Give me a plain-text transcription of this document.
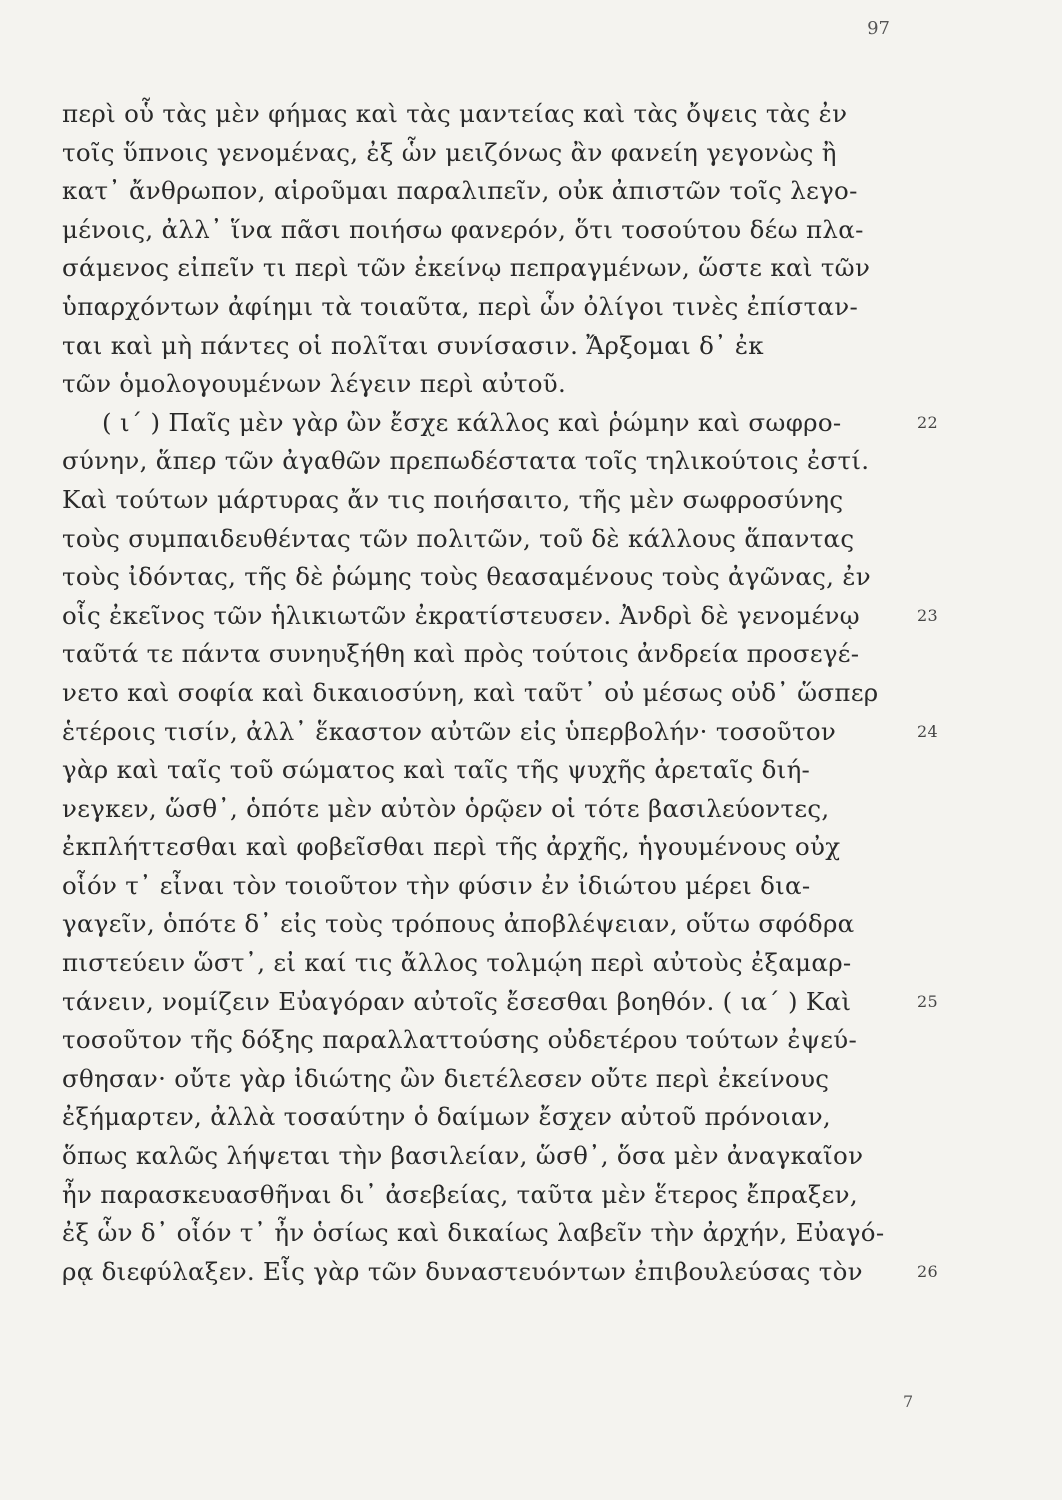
97
περὶ οὗ τὰς μὲν φήμας καὶ τὰς μαντείας καὶ τὰς ὄψεις τὰς ἐν
τοῖς ὕπνοις γενομένας, ἐξ ὧν μειζόνως ἂν φανείη γεγονὼς ἢ
κατ᾽ ἄνθρωπον, αἱροῦμαι παραλιπεῖν, οὐκ ἀπιστῶν τοῖς λεγο-
μένοις, ἀλλ᾽ ἵνα πᾶσι ποιήσω φανερόν, ὅτι τοσούτου δέω πλα-
σάμενος εἰπεῖν τι περὶ τῶν ἐκείνῳ πεπραγμένων, ὥστε καὶ τῶν
ὑπαρχόντων ἀφίημι τὰ τοιαῦτα, περὶ ὧν ὀλίγοι τινὲς ἐπίσταν-
ται καὶ μὴ πάντες οἱ πολῖται συνίσασιν. Ἄρξομαι δ᾽ ἐκ
τῶν ὁμολογουμένων λέγειν περὶ αὐτοῦ.
( ι´ ) Παῖς μὲν γὰρ ὢν ἔσχε κάλλος καὶ ῥώμην καὶ σωφρο-	22
σύνην, ἅπερ τῶν ἀγαθῶν πρεπωδέστατα τοῖς τηλικούτοις ἐστί.
Καὶ τούτων μάρτυρας ἄν τις ποιήσαιτο, τῆς μὲν σωφροσύνης
τοὺς συμπαιδευθέντας τῶν πολιτῶν, τοῦ δὲ κάλλους ἅπαντας
τοὺς ἰδόντας, τῆς δὲ ῥώμης τοὺς θεασαμένους τοὺς ἀγῶνας, ἐν
οἷς ἐκεῖνος τῶν ἡλικιωτῶν ἐκρατίστευσεν. Ἀνδρὶ δὲ γενομένῳ	23
ταῦτά τε πάντα συνηυξήθη καὶ πρὸς τούτοις ἀνδρεία προσεγέ-
νετο καὶ σοφία καὶ δικαιοσύνη, καὶ ταῦτ᾽ οὐ μέσως οὐδ᾽ ὥσπερ
ἑτέροις τισίν, ἀλλ᾽ ἕκαστον αὐτῶν εἰς ὑπερβολήν· τοσοῦτον	24
γὰρ καὶ ταῖς τοῦ σώματος καὶ ταῖς τῆς ψυχῆς ἀρεταῖς διή-
νεγκεν, ὥσθ᾽, ὁπότε μὲν αὐτὸν ὁρῷεν οἱ τότε βασιλεύοντες,
ἐκπλήττεσθαι καὶ φοβεῖσθαι περὶ τῆς ἀρχῆς, ἡγουμένους οὐχ
οἷόν τ᾽ εἶναι τὸν τοιοῦτον τὴν φύσιν ἐν ἰδιώτου μέρει δια-
γαγεῖν, ὁπότε δ᾽ εἰς τοὺς τρόπους ἀποβλέψειαν, οὕτω σφόδρα
πιστεύειν ὥστ᾽, εἰ καί τις ἄλλος τολμῴη περὶ αὐτοὺς ἐξαμαρ-
τάνειν, νομίζειν Εὐαγόραν αὐτοῖς ἔσεσθαι βοηθόν. ( ια´ ) Καὶ	25
τοσοῦτον τῆς δόξης παραλλαττούσης οὐδετέρου τούτων ἐψεύ-
σθησαν· οὔτε γὰρ ἰδιώτης ὢν διετέλεσεν οὔτε περὶ ἐκείνους
ἐξήμαρτεν, ἀλλὰ τοσαύτην ὁ δαίμων ἔσχεν αὐτοῦ πρόνοιαν,
ὅπως καλῶς λήψεται τὴν βασιλείαν, ὥσθ᾽, ὅσα μὲν ἀναγκαῖον
ἦν παρασκευασθῆναι δι᾽ ἀσεβείας, ταῦτα μὲν ἕτερος ἔπραξεν,
ἐξ ὧν δ᾽ οἷόν τ᾽ ἦν ὁσίως καὶ δικαίως λαβεῖν τὴν ἀρχήν, Εὐαγό-
ρᾳ διεφύλαξεν. Εἷς γὰρ τῶν δυναστευόντων ἐπιβουλεύσας τὸν	26
7
